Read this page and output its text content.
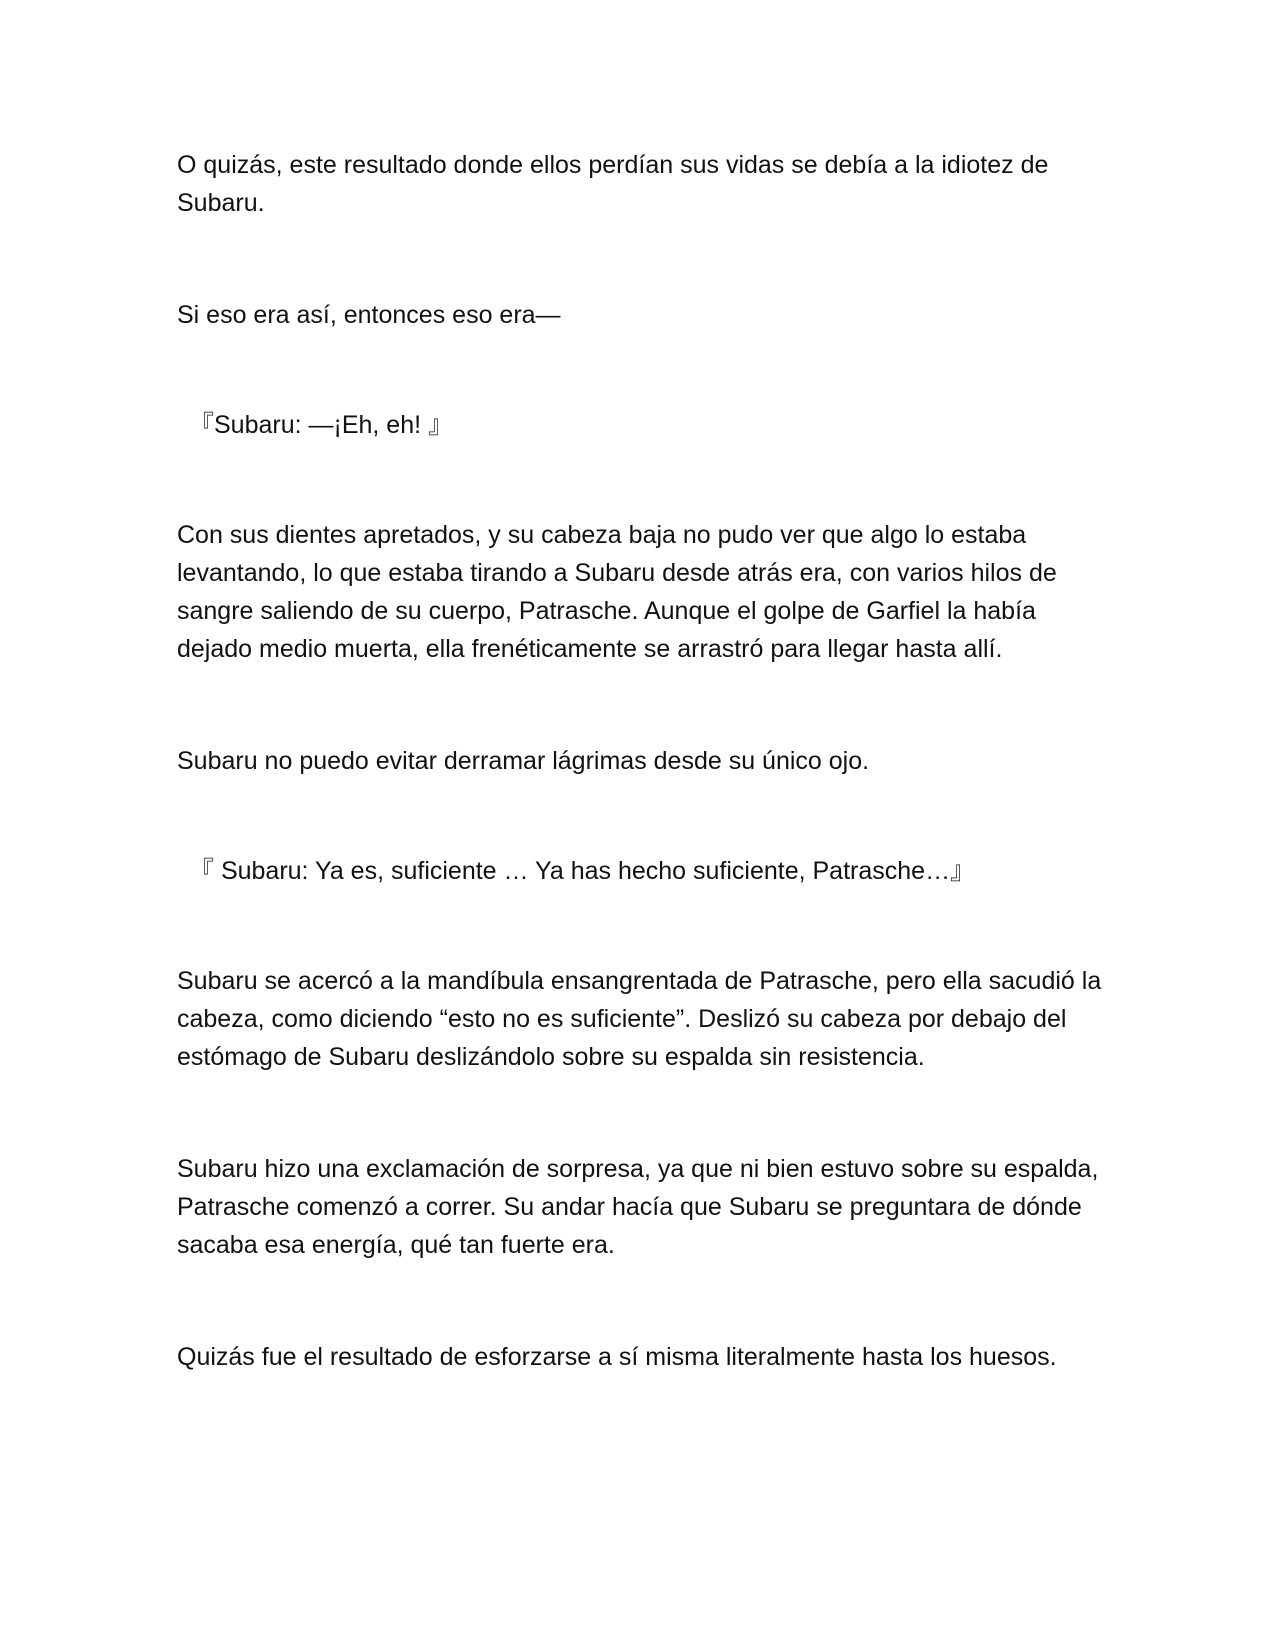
O quizás, este resultado donde ellos perdían sus vidas se debía a la idiotez de Subaru.

Si eso era así, entonces eso era—

『Subaru: —¡Eh, eh! 』

Con sus dientes apretados, y su cabeza baja no pudo ver que algo lo estaba levantando, lo que estaba tirando a Subaru desde atrás era, con varios hilos de sangre saliendo de su cuerpo, Patrasche. Aunque el golpe de Garfiel la había dejado medio muerta, ella frenéticamente se arrastró para llegar hasta allí.

Subaru no puedo evitar derramar lágrimas desde su único ojo.

『 Subaru: Ya es, suficiente … Ya has hecho suficiente, Patrasche…』

Subaru se acercó a la mandíbula ensangrentada de Patrasche, pero ella sacudió la cabeza, como diciendo “esto no es suficiente”. Deslizó su cabeza por debajo del estómago de Subaru deslizándolo sobre su espalda sin resistencia.

Subaru hizo una exclamación de sorpresa, ya que ni bien estuvo sobre su espalda, Patrasche comenzó a correr. Su andar hacía que Subaru se preguntara de dónde sacaba esa energía, qué tan fuerte era.

Quizás fue el resultado de esforzarse a sí misma literalmente hasta los huesos.
